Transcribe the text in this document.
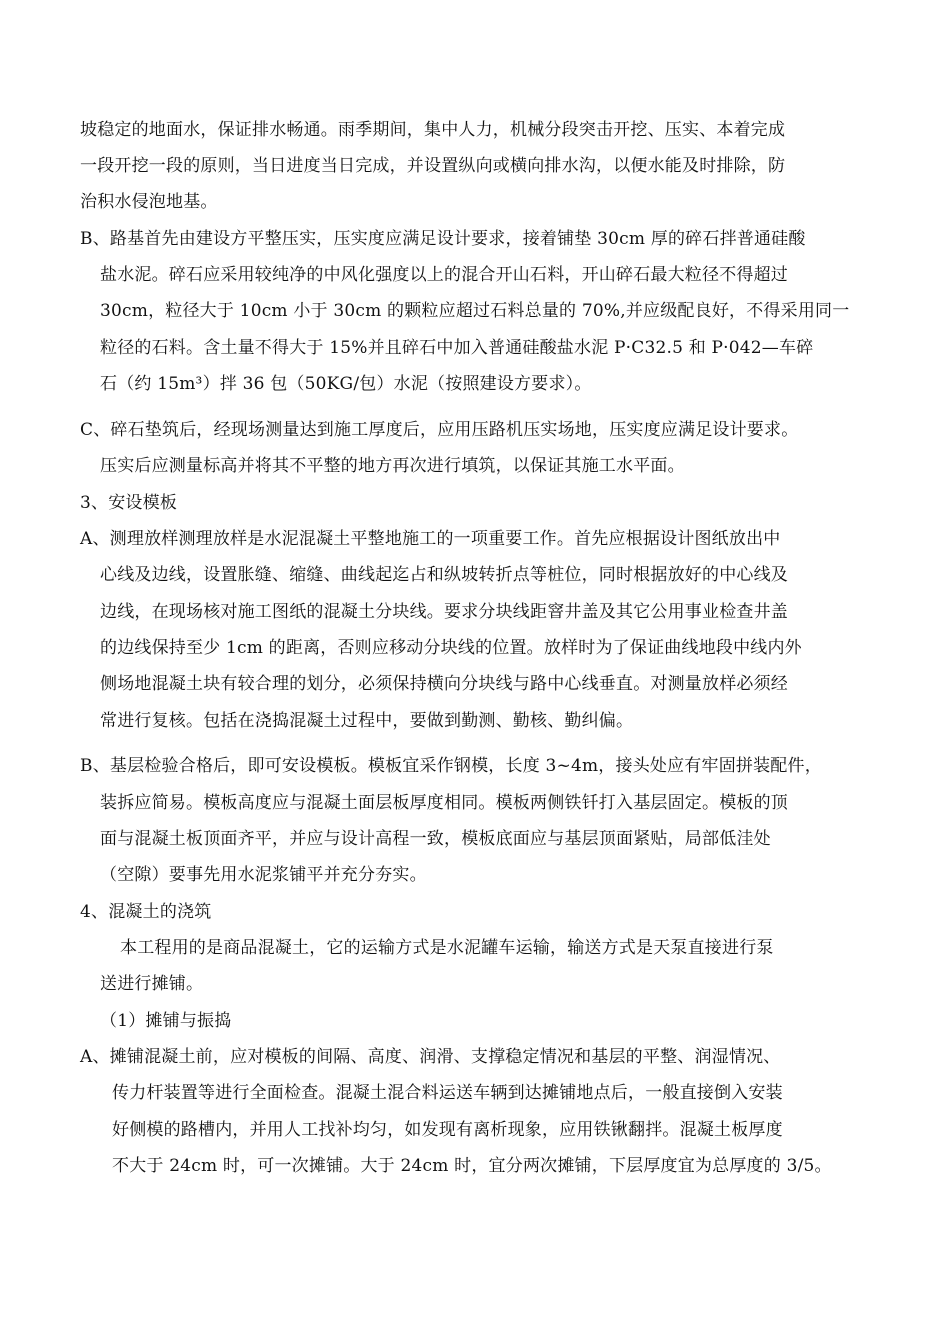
坡稳定的地面水，保证排水畅通。雨季期间，集中人力，机械分段突击开挖、压实、本着完成
一段开挖一段的原则，当日进度当日完成，并设置纵向或横向排水沟，以便水能及时排除，防
治积水侵泡地基。
B、路基首先由建设方平整压实，压实度应满足设计要求，接着铺垫 30cm 厚的碎石拌普通硅酸
盐水泥。碎石应采用较纯净的中风化强度以上的混合开山石料，开山碎石最大粒径不得超过
30cm，粒径大于 10cm 小于 30cm 的颗粒应超过石料总量的 70%,并应级配良好，不得采用同一
粒径的石料。含土量不得大于 15%并且碎石中加入普通硅酸盐水泥 P·C32.5 和 P·042—车碎
石（约 15m³）拌 36 包（50KG/包）水泥（按照建设方要求）。
C、碎石垫筑后，经现场测量达到施工厚度后，应用压路机压实场地，压实度应满足设计要求。
压实后应测量标高并将其不平整的地方再次进行填筑，以保证其施工水平面。
3、安设模板
A、测理放样测理放样是水泥混凝土平整地施工的一项重要工作。首先应根据设计图纸放出中
心线及边线，设置胀缝、缩缝、曲线起迄占和纵坡转折点等桩位，同时根据放好的中心线及
边线，在现场核对施工图纸的混凝土分块线。要求分块线距窨井盖及其它公用事业检查井盖
的边线保持至少 1cm 的距离，否则应移动分块线的位置。放样时为了保证曲线地段中线内外
侧场地混凝土块有较合理的划分，必须保持横向分块线与路中心线垂直。对测量放样必须经
常进行复核。包括在浇捣混凝土过程中，要做到勤测、勤核、勤纠偏。
B、基层检验合格后，即可安设模板。模板宜采作钢模，长度 3~4m，接头处应有牢固拼装配件，
装拆应简易。模板高度应与混凝土面层板厚度相同。模板两侧铁钎打入基层固定。模板的顶
面与混凝土板顶面齐平，并应与设计高程一致，模板底面应与基层顶面紧贴，局部低洼处
（空隙）要事先用水泥浆铺平并充分夯实。
4、混凝土的浇筑
本工程用的是商品混凝土，它的运输方式是水泥罐车运输，输送方式是天泵直接进行泵
送进行摊铺。
（1）摊铺与振捣
A、摊铺混凝土前，应对模板的间隔、高度、润滑、支撑稳定情况和基层的平整、润湿情况、
传力杆装置等进行全面检查。混凝土混合料运送车辆到达摊铺地点后，一般直接倒入安装
好侧模的路槽内，并用人工找补均匀，如发现有离析现象，应用铁锹翻拌。混凝土板厚度
不大于 24cm 时，可一次摊铺。大于 24cm 时，宜分两次摊铺，下层厚度宜为总厚度的 3/5。
